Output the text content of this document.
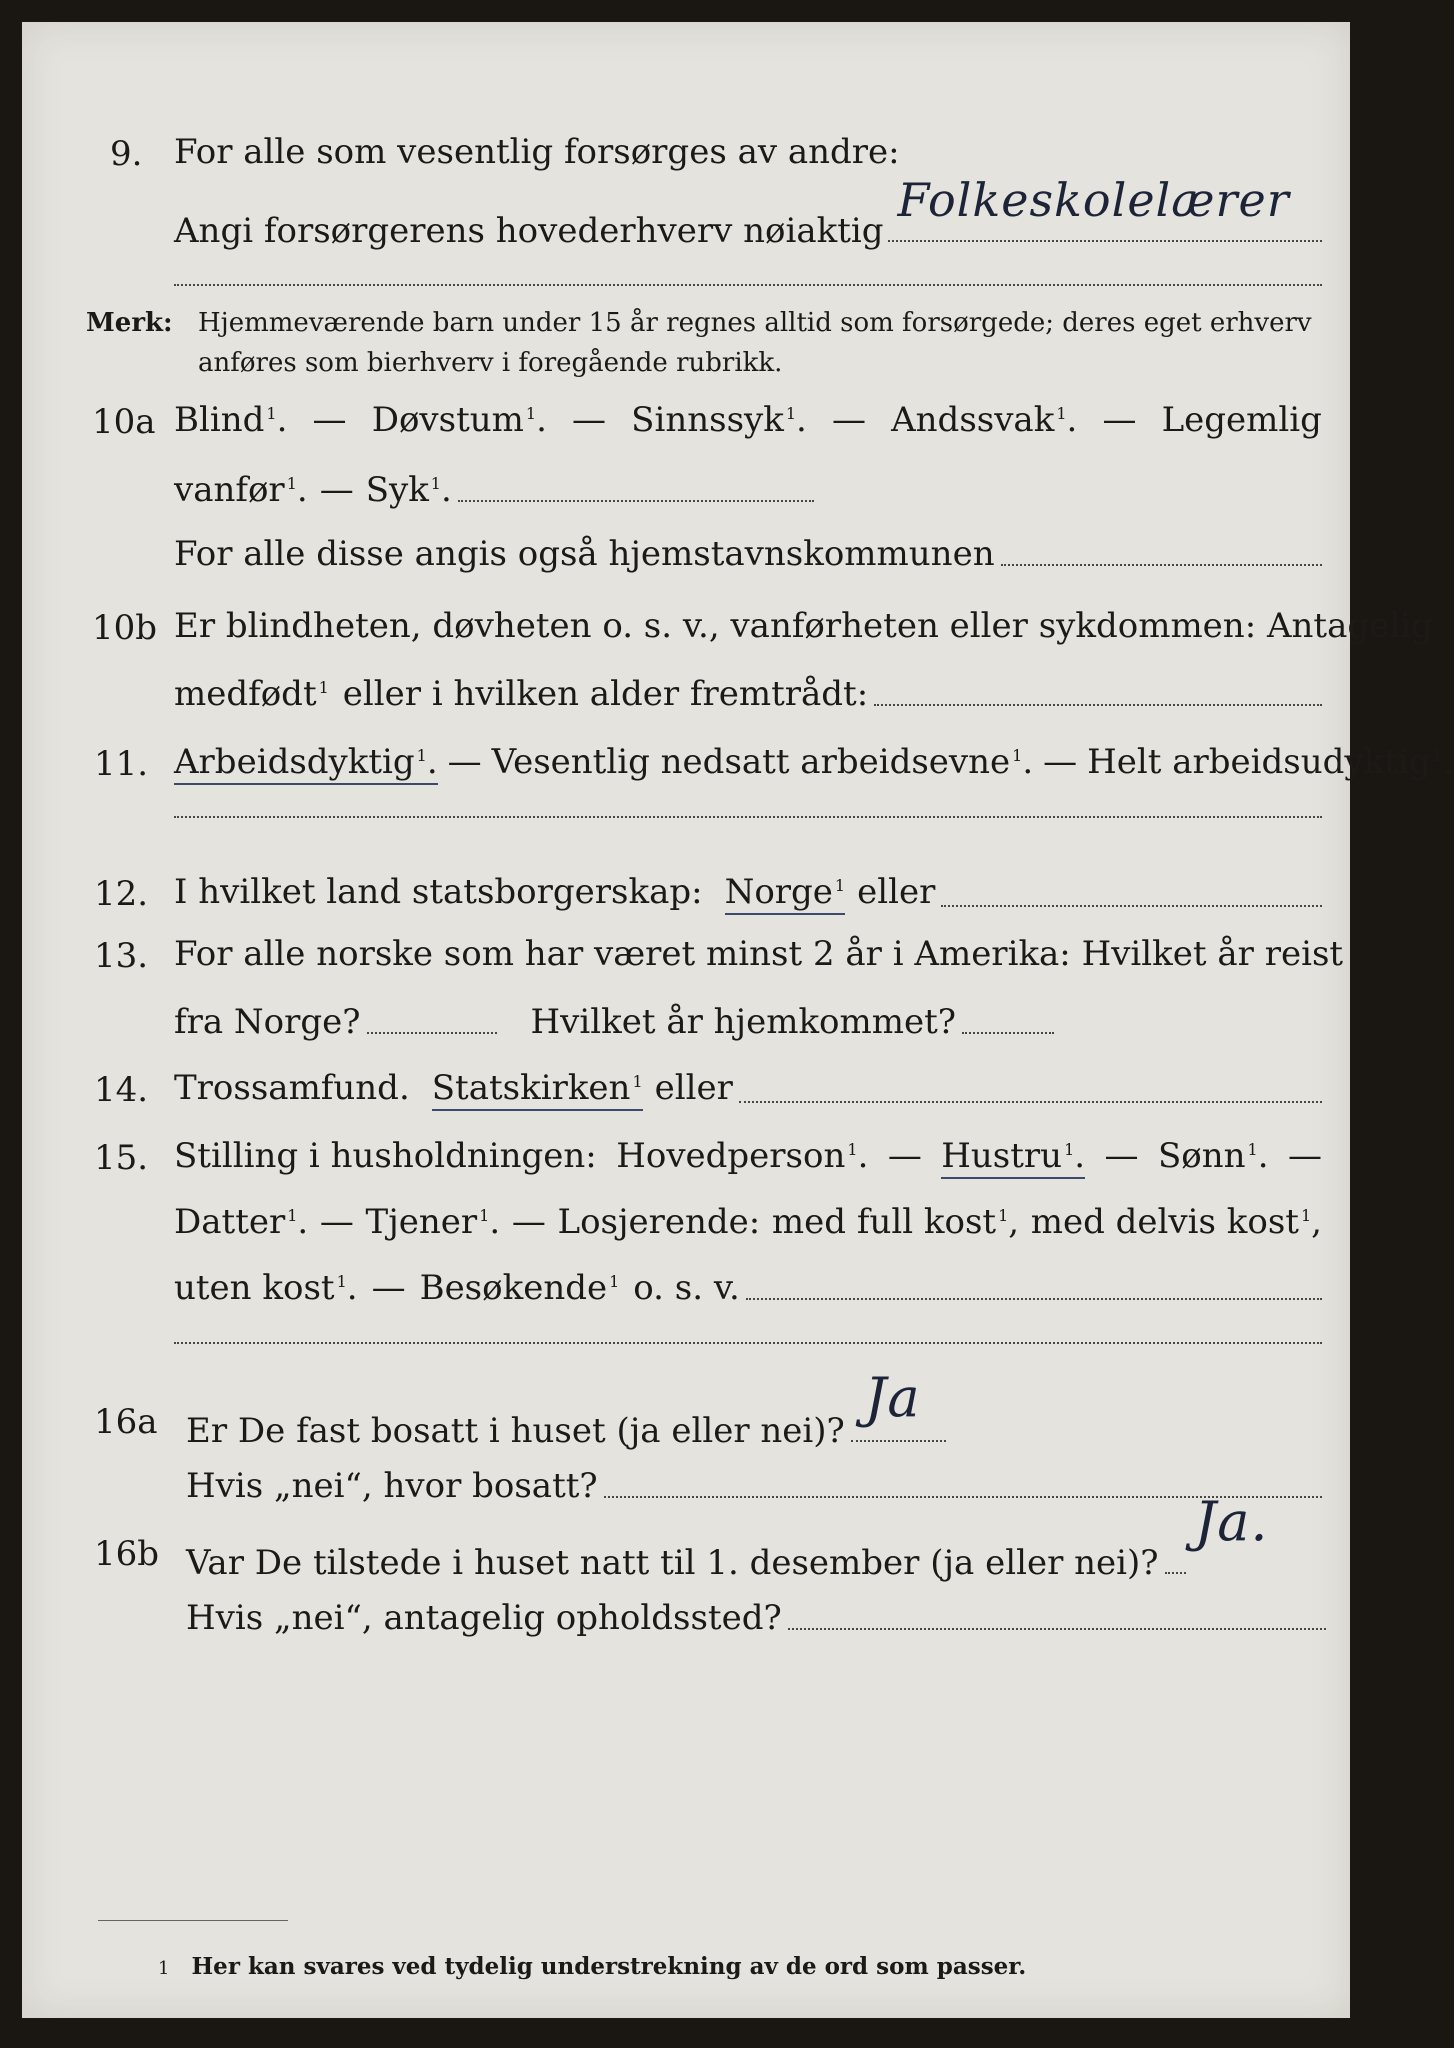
9. For alle som vesentlig forsørges av andre:
Angi forsørgerens hovederhverv nøiaktig
Folkeskolelærer
Merk: Hjemmeværende barn under 15 år regnes alltid som forsørgede; deres eget erhverv
anføres som bierhverv i foregående rubrikk.
10a Blind $^1$. — Døvstum $^1$. — Sinnssyk $^1$. — Andssvak $^1$. — Legemlig
vanfør $^1$. — Syk $^1$.
For alle disse angis også hjemstavnskommunen
10b Er blindheten, døvheten o. s. v., vanførheten eller sykdommen: Antagelig
medfødt $^1$ eller i hvilken alder fremtrådt:
11. Arbeidsdyktig $^1$. — Vesentlig nedsatt arbeidsevne $^1$. — Helt arbeidsudyktig $^1$.
12. I hvilket land statsborgerskap: Norge $^1$ eller
13. For alle norske som har været minst 2 år i Amerika: Hvilket år reist
fra Norge?	Hvilket år hjemkommet?
14. Trossamfund. Statskirken $^1$ eller
15. Stilling i husholdningen: Hovedperson $^1$. — Hustru $^1$. — Sønn $^1$. —
Datter $^1$. — Tjener $^1$. — Losjerende: med full kost $^1$, med delvis kost $^1$,
uten kost $^1$. — Besøkende $^1$ o. s. v.
16a Er De fast bosatt i huset (ja eller nei)?
Ja
Hvis „nei“, hvor bosatt?
16b Var De tilstede i huset natt til 1. desember (ja eller nei)?
Ja.
Hvis „nei“, antagelig opholdssted?
1 Her kan svares ved tydelig understrekning av de ord som passer.
